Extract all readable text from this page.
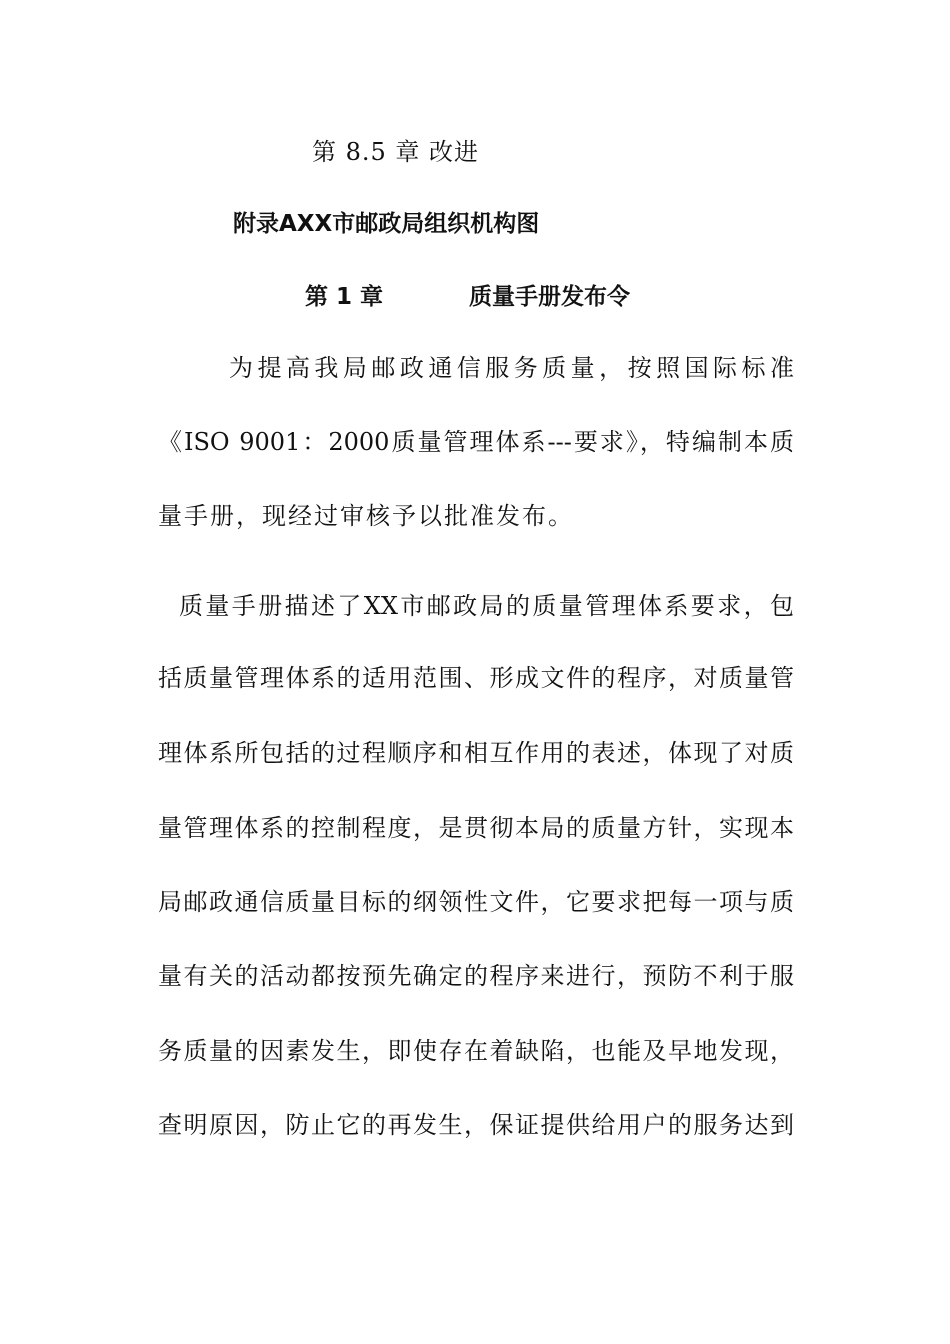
第 8.5 章 改进
附录AXX市邮政局组织机构图
第 1 章	质量手册发布令
为提高我局邮政通信服务质量，按照国际标准
《ISO 9001：2000质量管理体系---要求》，特编制本质
量手册，现经过审核予以批准发布。
质量手册描述了XX市邮政局的质量管理体系要求，包
括质量管理体系的适用范围、形成文件的程序，对质量管
理体系所包括的过程顺序和相互作用的表述，体现了对质
量管理体系的控制程度，是贯彻本局的质量方针，实现本
局邮政通信质量目标的纲领性文件，它要求把每一项与质
量有关的活动都按预先确定的程序来进行，预防不利于服
务质量的因素发生，即使存在着缺陷，也能及早地发现，
查明原因，防止它的再发生，保证提供给用户的服务达到
